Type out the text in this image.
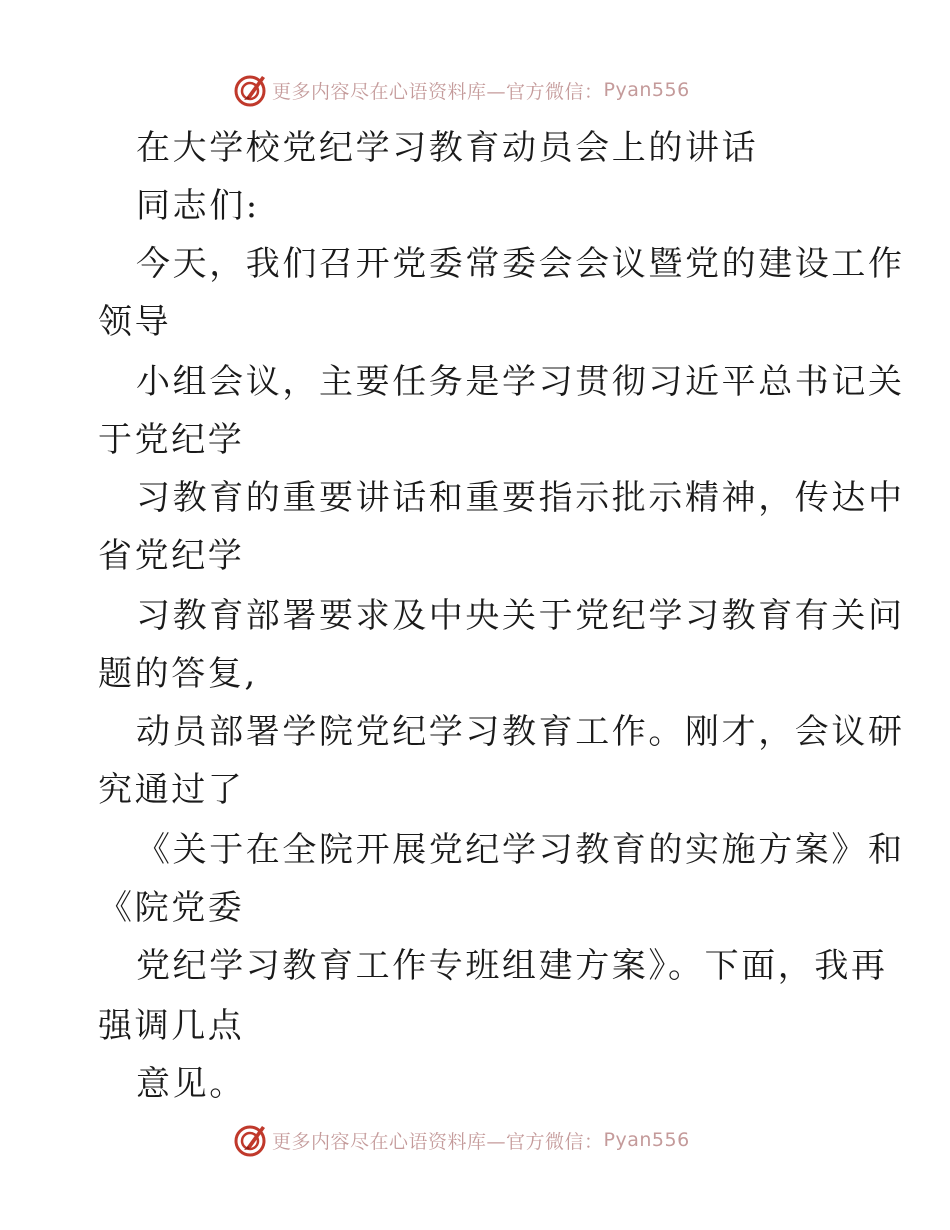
更多内容尽在心语资料库—官方微信： Pyan556
在大学校党纪学习教育动员会上的讲话
同志们:
今天，我们召开党委常委会会议暨党的建设工作
领导
小组会议，主要任务是学习贯彻习近平总书记关
于党纪学
习教育的重要讲话和重要指示批示精神，传达中
省党纪学
习教育部署要求及中央关于党纪学习教育有关问
题的答复,
动员部署学院党纪学习教育工作。刚才，会议研
究通过了
《关于在全院开展党纪学习教育的实施方案》和
《院党委
党纪学习教育工作专班组建方案》。下面，我再
强调几点
意见。
更多内容尽在心语资料库—官方微信： Pyan556
